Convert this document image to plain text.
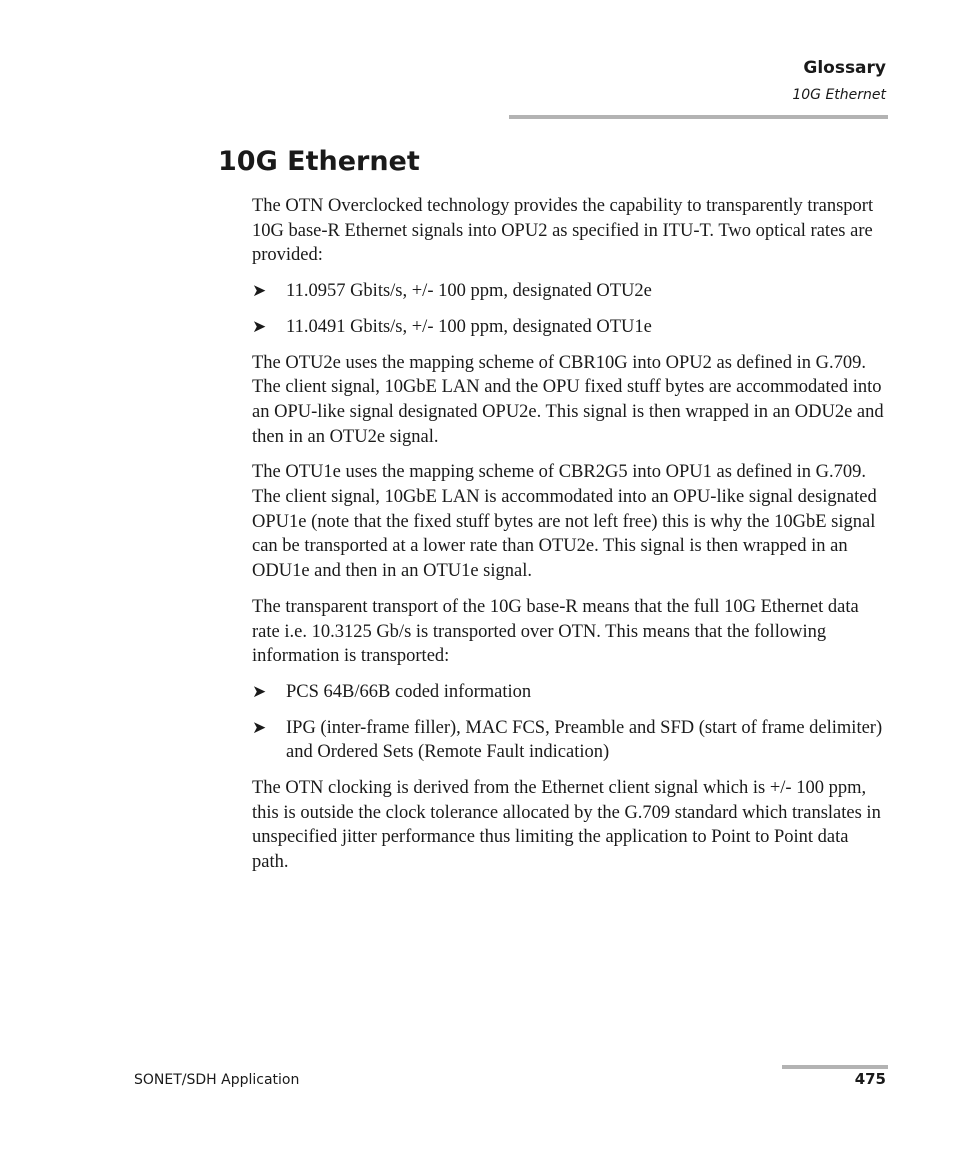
Glossary
10G Ethernet
10G Ethernet

The OTN Overclocked technology provides the capability to transparently transport 10G base-R Ethernet signals into OPU2 as specified in ITU-T. Two optical rates are provided:

➤ 11.0957 Gbits/s, +/- 100 ppm, designated OTU2e
➤ 11.0491 Gbits/s, +/- 100 ppm, designated OTU1e

The OTU2e uses the mapping scheme of CBR10G into OPU2 as defined in G.709. The client signal, 10GbE LAN and the OPU fixed stuff bytes are accommodated into an OPU-like signal designated OPU2e. This signal is then wrapped in an ODU2e and then in an OTU2e signal.

The OTU1e uses the mapping scheme of CBR2G5 into OPU1 as defined in G.709. The client signal, 10GbE LAN is accommodated into an OPU-like signal designated OPU1e (note that the fixed stuff bytes are not left free) this is why the 10GbE signal can be transported at a lower rate than OTU2e. This signal is then wrapped in an ODU1e and then in an OTU1e signal.

The transparent transport of the 10G base-R means that the full 10G Ethernet data rate i.e. 10.3125 Gb/s is transported over OTN. This means that the following information is transported:

➤ PCS 64B/66B coded information
➤ IPG (inter-frame filler), MAC FCS, Preamble and SFD (start of frame delimiter) and Ordered Sets (Remote Fault indication)

The OTN clocking is derived from the Ethernet client signal which is +/- 100 ppm, this is outside the clock tolerance allocated by the G.709 standard which translates in unspecified jitter performance thus limiting the application to Point to Point data path.

SONET/SDH Application	475
